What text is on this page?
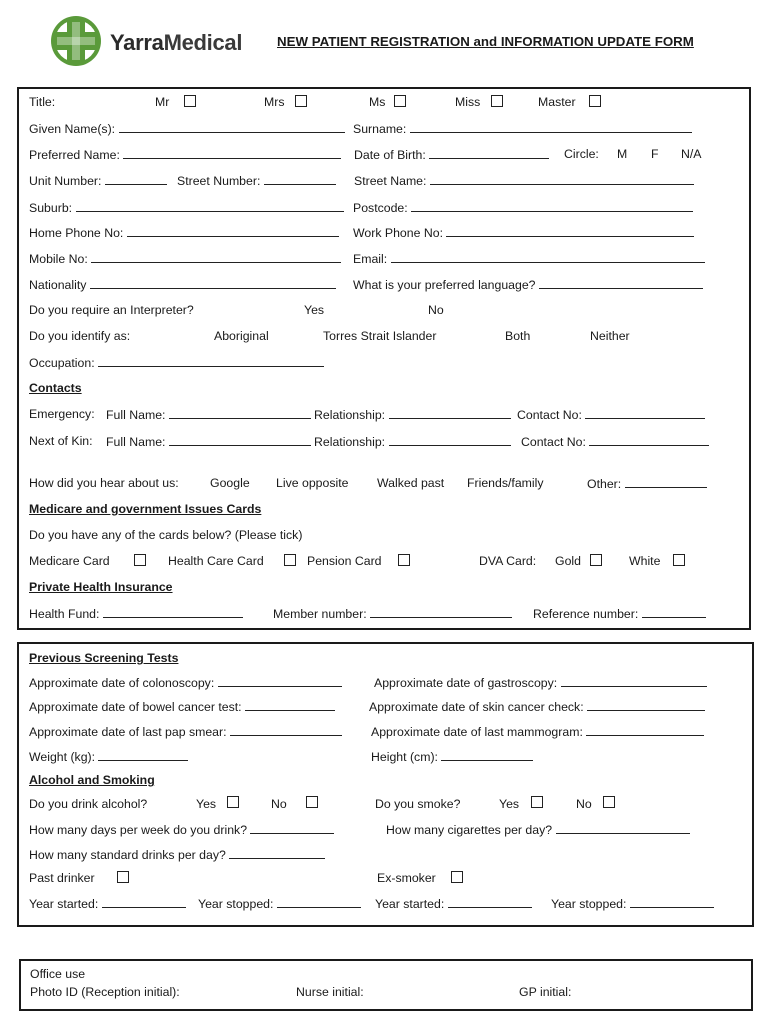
YarraMedical	NEW PATIENT REGISTRATION and INFORMATION UPDATE FORM
Title:	Mr	Mrs	Ms	Miss	Master
Given Name(s):	Surname:
Preferred Name:	Date of Birth:	Circle: M F N/A
Unit Number:	Street Number:	Street Name:
Suburb:	Postcode:
Home Phone No:	Work Phone No:
Mobile No:	Email:
Nationality	What is your preferred language?
Do you require an Interpreter?	Yes	No
Do you identify as:	Aboriginal	Torres Strait Islander	Both	Neither
Occupation:
Contacts
Emergency: Full Name:	Relationship:	Contact No:
Next of Kin: Full Name:	Relationship:	Contact No:
How did you hear about us:	Google Live opposite Walked past Friends/family	Other:
Medicare and government Issues Cards
Do you have any of the cards below? (Please tick)
Medicare Card	Health Care Card	Pension Card	DVA Card: Gold	White
Private Health Insurance
Health Fund:	Member number:	Reference number:
Previous Screening Tests
Approximate date of colonoscopy:	Approximate date of gastroscopy:
Approximate date of bowel cancer test:	Approximate date of skin cancer check:
Approximate date of last pap smear:	Approximate date of last mammogram:
Weight (kg):	Height (cm):
Alcohol and Smoking
Do you drink alcohol?	Yes	No	Do you smoke?	Yes	No
How many days per week do you drink?	How many cigarettes per day?
How many standard drinks per day?
Past drinker	Ex-smoker
Year started:	Year stopped:	Year started:	Year stopped:
Office use
Photo ID (Reception initial):	Nurse initial:	GP initial:
